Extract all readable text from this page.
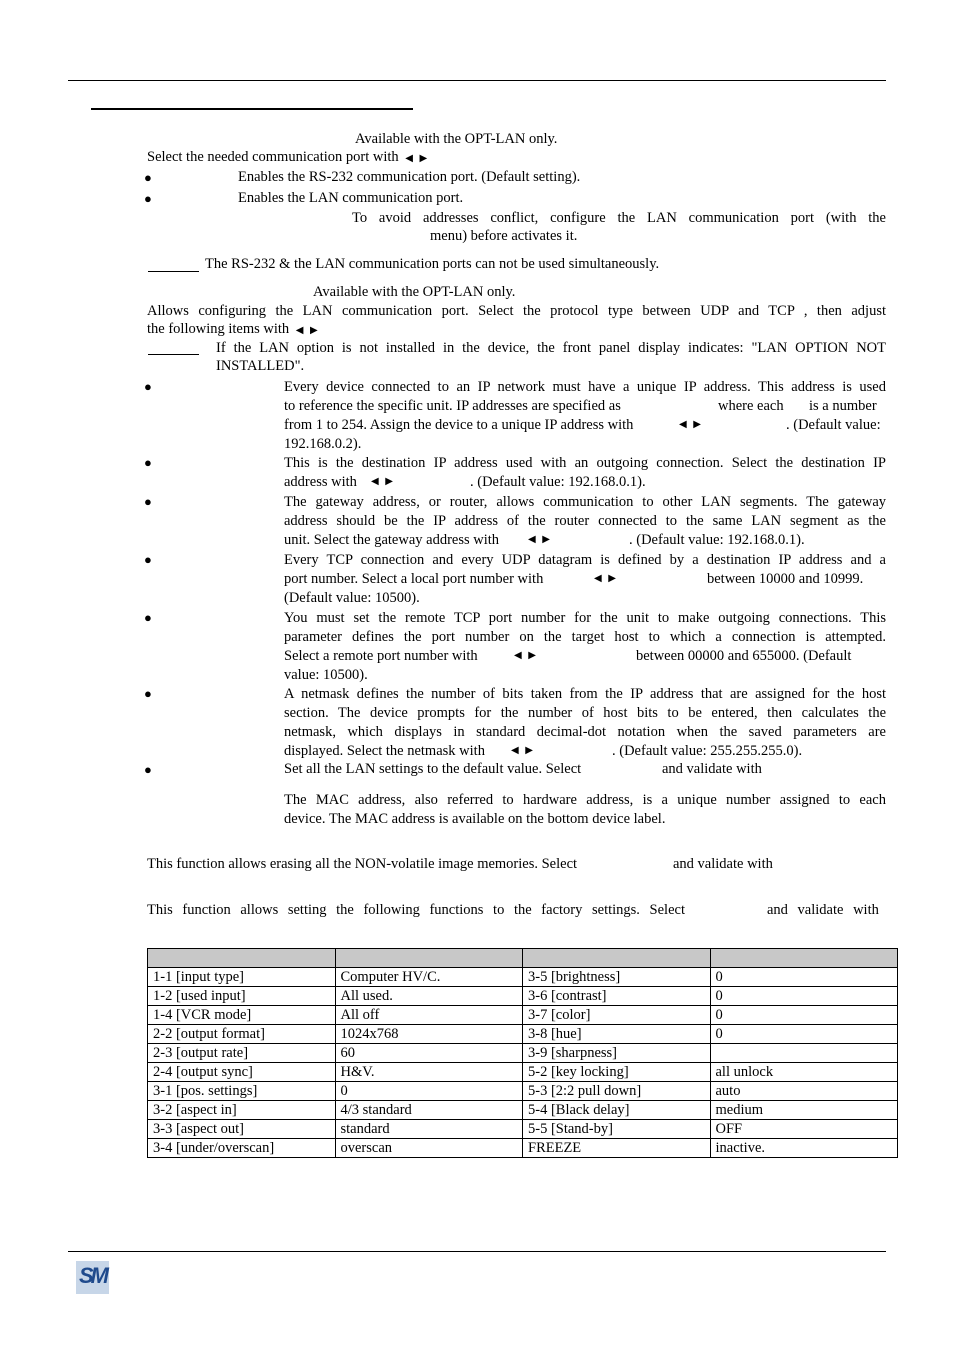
Available with the OPT-LAN only.
Select the needed communication port with ◀ ▶
●	Enables the RS-232 communication port. (Default setting).
●	Enables the LAN communication port.
To avoid addresses conflict, configure the LAN communication port (with the
menu) before activates it.
The RS-232 & the LAN communication ports can not be used simultaneously.
Available with the OPT-LAN only.
Allows configuring the LAN communication port. Select the protocol type between UDP and TCP , then adjust
the following items with ◀ ▶
If the LAN option is not installed in the device, the front panel display indicates: "LAN OPTION NOT
INSTALLED".
●	Every device connected to an IP network must have a unique IP address. This address is used
to reference the specific unit. IP addresses are specified as	where each is a number
from 1 to 254. Assign the device to a unique IP address with	◀ ▶	. (Default value:
192.168.0.2).
●	This is the destination IP address used with an outgoing connection. Select the destination IP
address with ◀ ▶	. (Default value: 192.168.0.1).
●	The gateway address, or router, allows communication to other LAN segments. The gateway
address should be the IP address of the router connected to the same LAN segment as the
unit. Select the gateway address with	◀ ▶	. (Default value: 192.168.0.1).
●	Every TCP connection and every UDP datagram is defined by a destination IP address and a
port number. Select a local port number with	◀ ▶	between 10000 and 10999.
(Default value: 10500).
●	You must set the remote TCP port number for the unit to make outgoing connections. This
parameter defines the port number on the target host to which a connection is attempted.
Select a remote port number with	◀ ▶	between 00000 and 655000. (Default
value: 10500).
●	A netmask defines the number of bits taken from the IP address that are assigned for the host
section. The device prompts for the number of host bits to be entered, then calculates the
netmask, which displays in standard decimal-dot notation when the saved parameters are
displayed. Select the netmask with	◀ ▶	. (Default value: 255.255.255.0).
●	Set all the LAN settings to the default value. Select	and validate with
The MAC address, also referred to hardware address, is a unique number assigned to each
device. The MAC address is available on the bottom device label.
This function allows erasing all the NON-volatile image memories. Select	and validate with
This function allows setting the following functions to the factory settings. Select	and validate with

1-1 [input type]	Computer HV/C.	3-5 [brightness]	0
1-2 [used input]	All used.	3-6 [contrast]	0
1-4 [VCR mode]	All off	3-7 [color]	0
2-2 [output format]	1024x768	3-8 [hue]	0
2-3 [output rate]	60	3-9 [sharpness]	
2-4 [output sync]	H&V.	5-2 [key locking]	all unlock
3-1 [pos. settings]	0	5-3 [2:2 pull down]	auto
3-2 [aspect in]	4/3 standard	5-4 [Black delay]	medium
3-3 [aspect out]	standard	5-5 [Stand-by]	OFF
3-4 [under/overscan]	overscan	FREEZE	inactive.
SM
